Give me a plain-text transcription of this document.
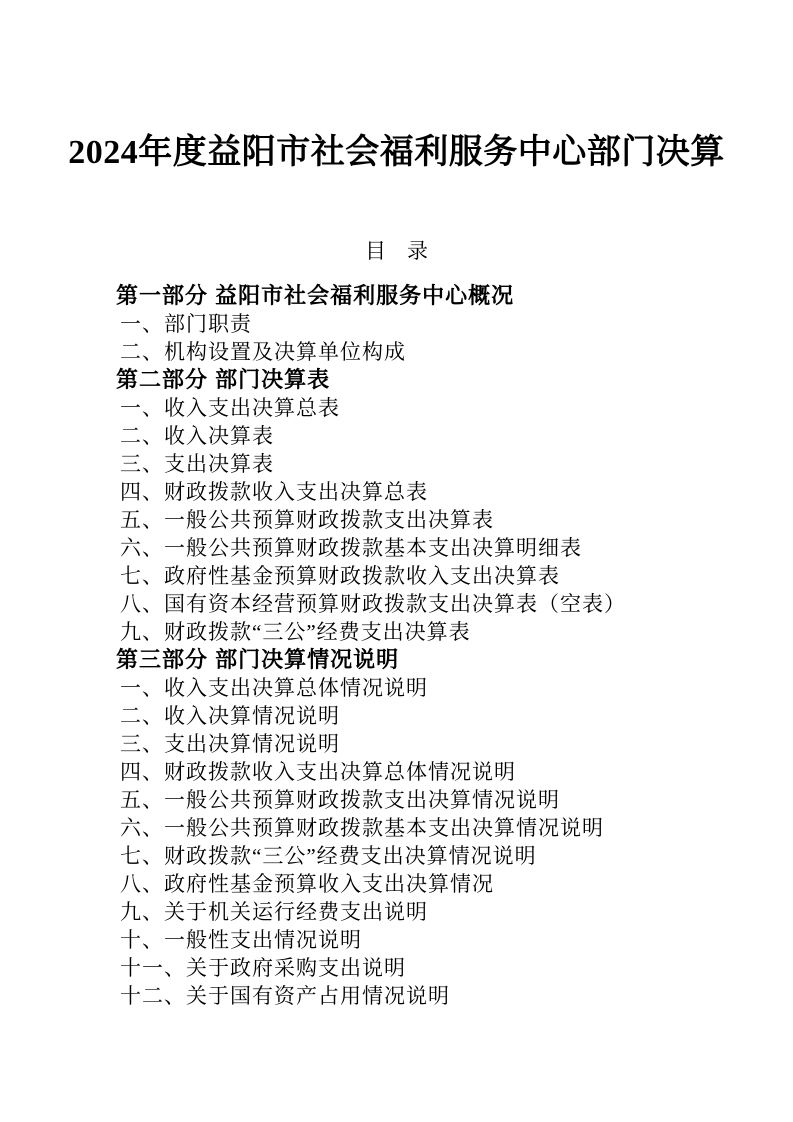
2024年度益阳市社会福利服务中心部门决算
目　录
第一部分 益阳市社会福利服务中心概况
一、部门职责
二、机构设置及决算单位构成
第二部分 部门决算表
一、收入支出决算总表
二、收入决算表
三、支出决算表
四、财政拨款收入支出决算总表
五、一般公共预算财政拨款支出决算表
六、一般公共预算财政拨款基本支出决算明细表
七、政府性基金预算财政拨款收入支出决算表
八、国有资本经营预算财政拨款支出决算表（空表）
九、财政拨款“三公”经费支出决算表
第三部分 部门决算情况说明
一、收入支出决算总体情况说明
二、收入决算情况说明
三、支出决算情况说明
四、财政拨款收入支出决算总体情况说明
五、一般公共预算财政拨款支出决算情况说明
六、一般公共预算财政拨款基本支出决算情况说明
七、财政拨款“三公”经费支出决算情况说明
八、政府性基金预算收入支出决算情况
九、关于机关运行经费支出说明
十、一般性支出情况说明
十一、关于政府采购支出说明
十二、关于国有资产占用情况说明
